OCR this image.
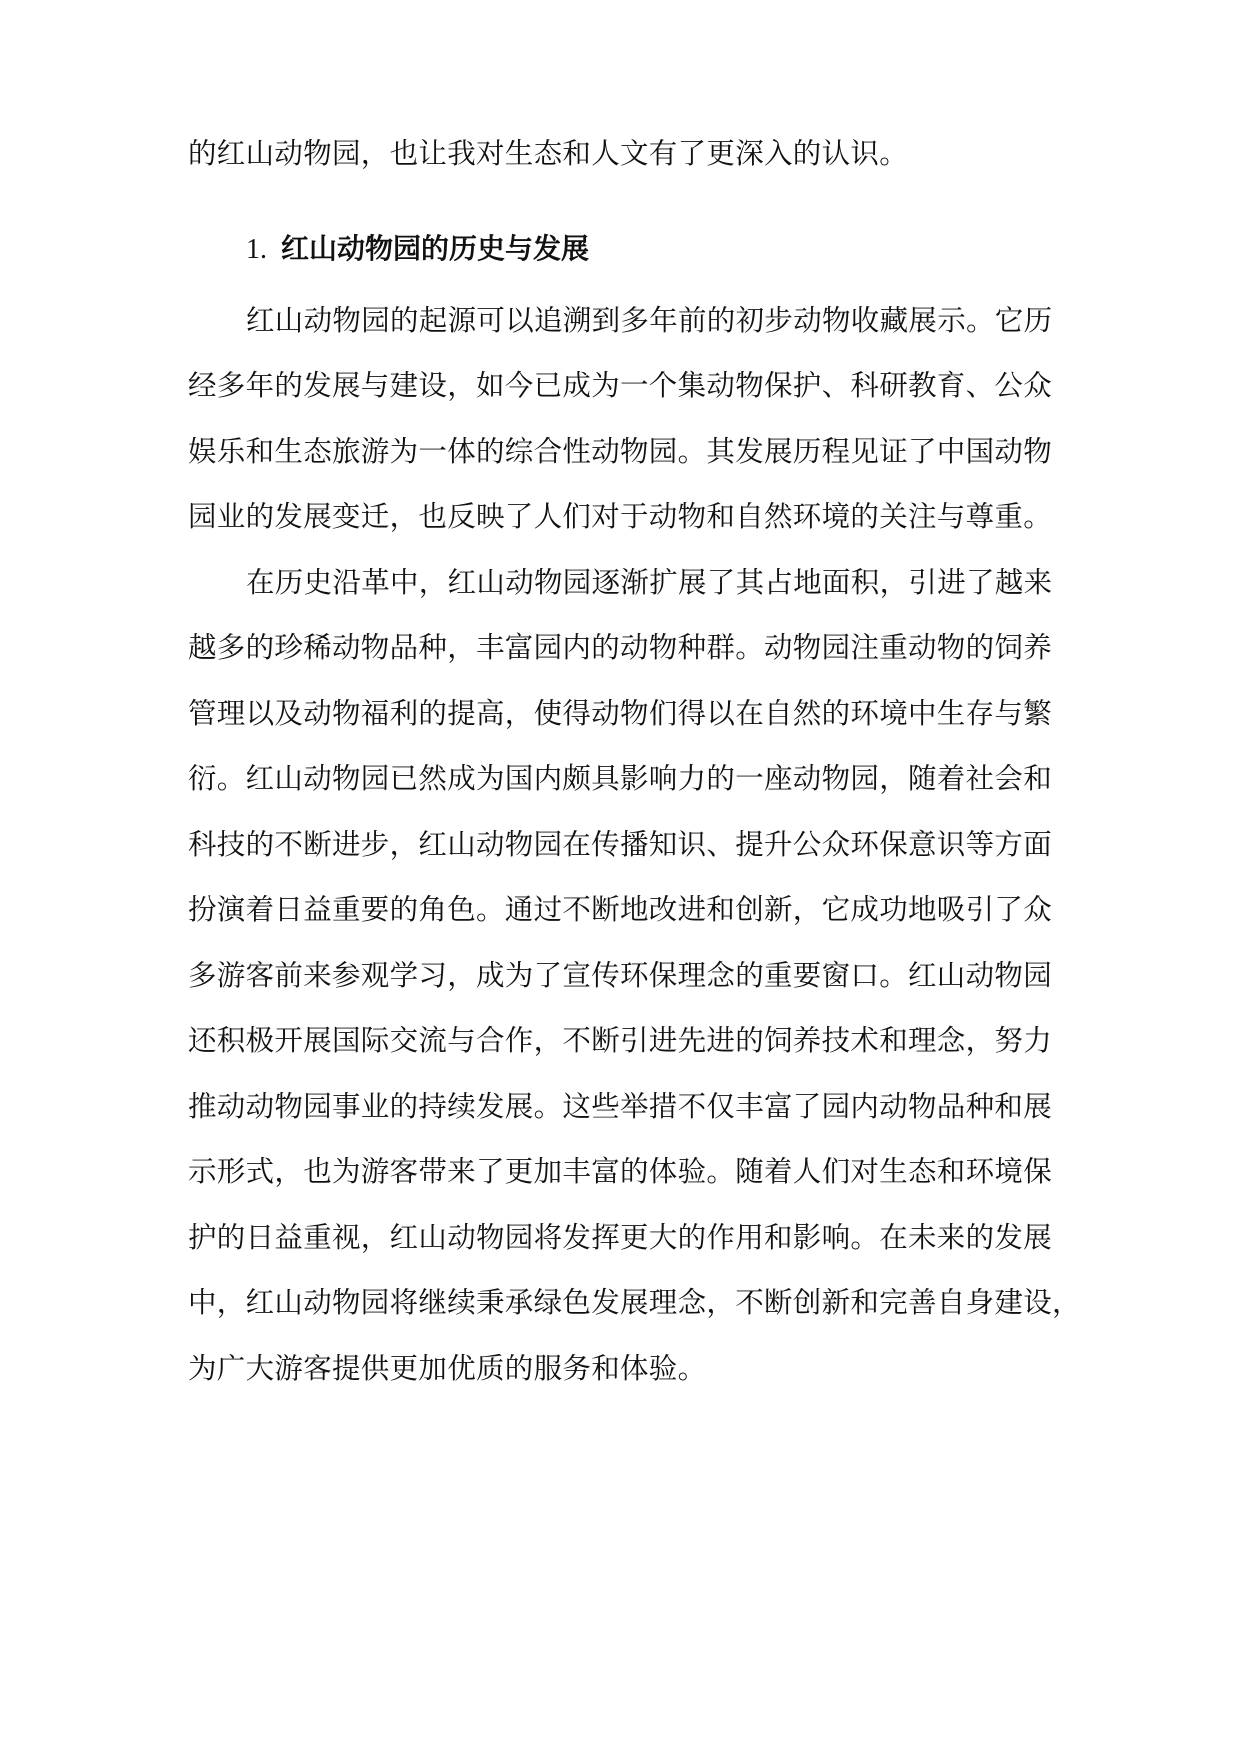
的红山动物园，也让我对生态和人文有了更深入的认识。
1. 红山动物园的历史与发展
红山动物园的起源可以追溯到多年前的初步动物收藏展示。它历
经多年的发展与建设，如今已成为一个集动物保护、科研教育、公众
娱乐和生态旅游为一体的综合性动物园。其发展历程见证了中国动物
园业的发展变迁，也反映了人们对于动物和自然环境的关注与尊重。
在历史沿革中，红山动物园逐渐扩展了其占地面积，引进了越来
越多的珍稀动物品种，丰富园内的动物种群。动物园注重动物的饲养
管理以及动物福利的提高，使得动物们得以在自然的环境中生存与繁
衍。红山动物园已然成为国内颇具影响力的一座动物园，随着社会和
科技的不断进步，红山动物园在传播知识、提升公众环保意识等方面
扮演着日益重要的角色。通过不断地改进和创新，它成功地吸引了众
多游客前来参观学习，成为了宣传环保理念的重要窗口。红山动物园
还积极开展国际交流与合作，不断引进先进的饲养技术和理念，努力
推动动物园事业的持续发展。这些举措不仅丰富了园内动物品种和展
示形式，也为游客带来了更加丰富的体验。随着人们对生态和环境保
护的日益重视，红山动物园将发挥更大的作用和影响。在未来的发展
中，红山动物园将继续秉承绿色发展理念，不断创新和完善自身建设，
为广大游客提供更加优质的服务和体验。
